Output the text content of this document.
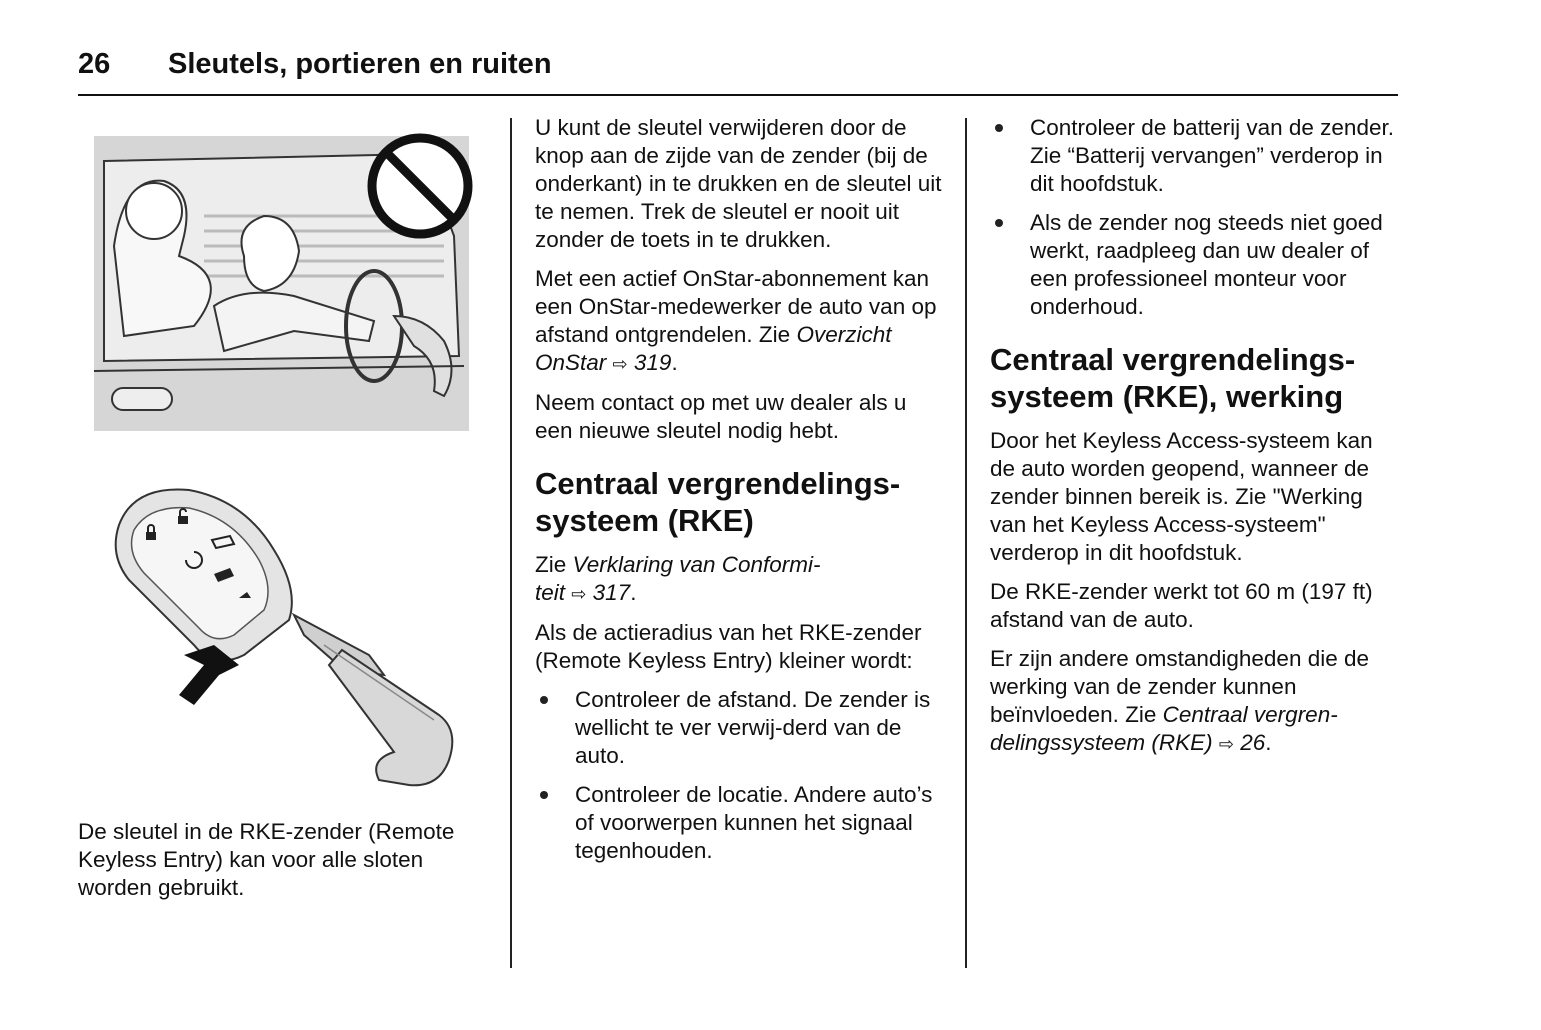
26 Sleutels, portieren en ruiten
De sleutel in de RKE-zender (Remote Keyless Entry) kan voor alle sloten worden gebruikt.

U kunt de sleutel verwijderen door de knop aan de zijde van de zender (bij de onderkant) in te drukken en de sleutel uit te nemen. Trek de sleutel er nooit uit zonder de toets in te drukken.

Met een actief OnStar-abonnement kan een OnStar-medewerker de auto van op afstand ontgrendelen. Zie Overzicht OnStar ⇨ 319.

Neem contact op met uw dealer als u een nieuwe sleutel nodig hebt.

Centraal vergrendelings-
systeem (RKE)

Zie Verklaring van Conformi-
teit ⇨ 317.

Als de actieradius van het RKE-zender (Remote Keyless Entry) kleiner wordt:

Controleer de afstand. De zender is wellicht te ver verwij-derd van de auto.
Controleer de locatie. Andere auto’s of voorwerpen kunnen het signaal tegenhouden.
Controleer de batterij van de zender. Zie “Batterij vervangen” verderop in dit hoofdstuk.
Als de zender nog steeds niet goed werkt, raadpleeg dan uw dealer of een professioneel monteur voor onderhoud.
Centraal vergrendelings-
systeem (RKE), werking

Door het Keyless Access-systeem kan de auto worden geopend, wanneer de zender binnen bereik is. Zie "Werking van het Keyless Access-systeem" verderop in dit hoofdstuk.

De RKE-zender werkt tot 60 m (197 ft) afstand van de auto.

Er zijn andere omstandigheden die de werking van de zender kunnen beïnvloeden. Zie Centraal vergren-delingssysteem (RKE) ⇨ 26.
